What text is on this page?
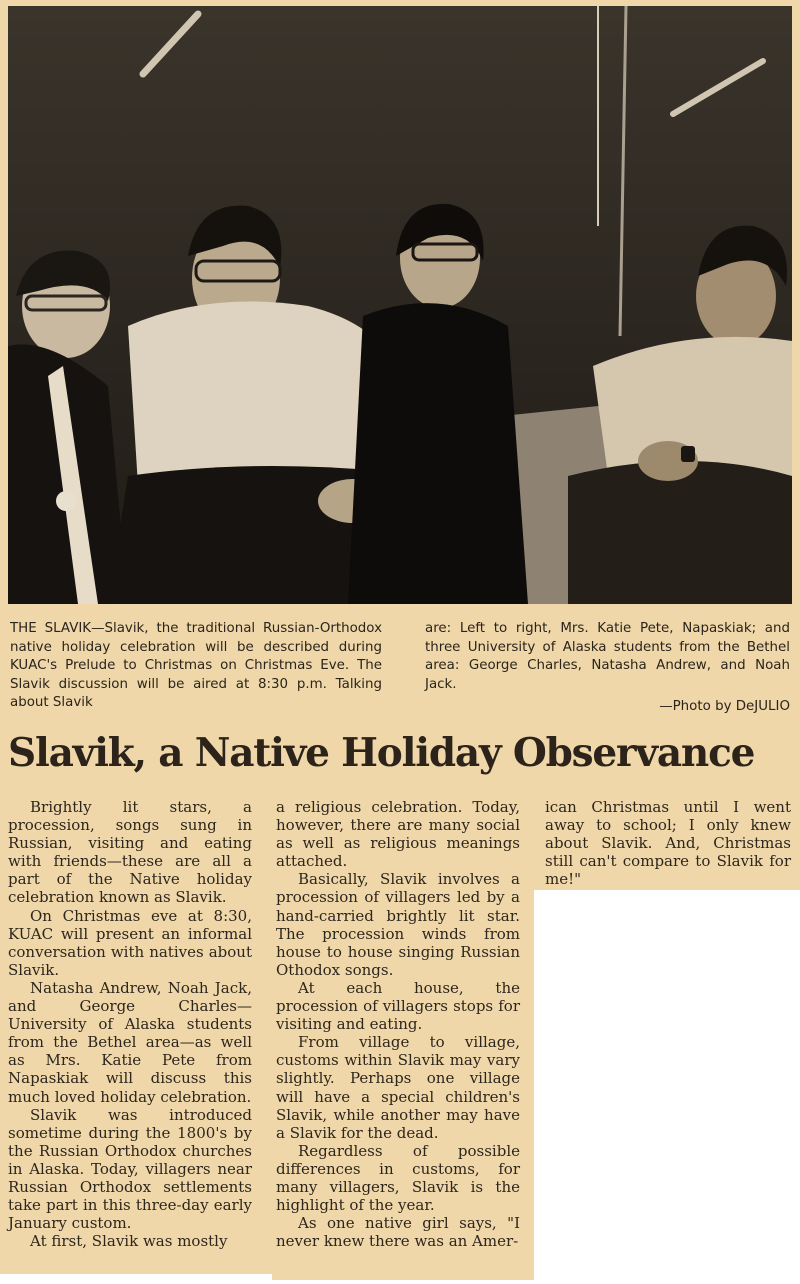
THE SLAVIK—Slavik, the traditional Russian-Orthodox native holiday celebration will be described during KUAC's Prelude to Christmas on Christmas Eve. The Slavik discussion will be aired at 8:30 p.m. Talking about Slavik

are: Left to right, Mrs. Katie Pete, Napaskiak; and three University of Alaska students from the Bethel area: George Charles, Natasha Andrew, and Noah Jack.

—Photo by DeJULIO
Slavik, a Native Holiday Observance

Brightly lit stars, a procession, songs sung in Russian, visiting and eating with friends—these are all a part of the Native holiday celebration known as Slavik.

On Christmas eve at 8:30, KUAC will present an informal conversation with natives about Slavik.

Natasha Andrew, Noah Jack, and George Charles—University of Alaska students from the Bethel area—as well as Mrs. Katie Pete from Napaskiak will discuss this much loved holiday celebration.

Slavik was introduced sometime during the 1800's by the Russian Orthodox churches in Alaska. Today, villagers near Russian Orthodox settlements take part in this three-day early January custom.

At first, Slavik was mostly

a religious celebration. Today, however, there are many social as well as religious meanings attached.

Basically, Slavik involves a procession of villagers led by a hand-carried brightly lit star. The procession winds from house to house singing Russian Othodox songs.

At each house, the procession of villagers stops for visiting and eating.

From village to village, customs within Slavik may vary slightly. Perhaps one village will have a special children's Slavik, while another may have a Slavik for the dead.

Regardless of possible differences in customs, for many villagers, Slavik is the highlight of the year.

As one native girl says, "I never knew there was an Amer-

ican Christmas until I went away to school; I only knew about Slavik. And, Christmas still can't compare to Slavik for me!"
